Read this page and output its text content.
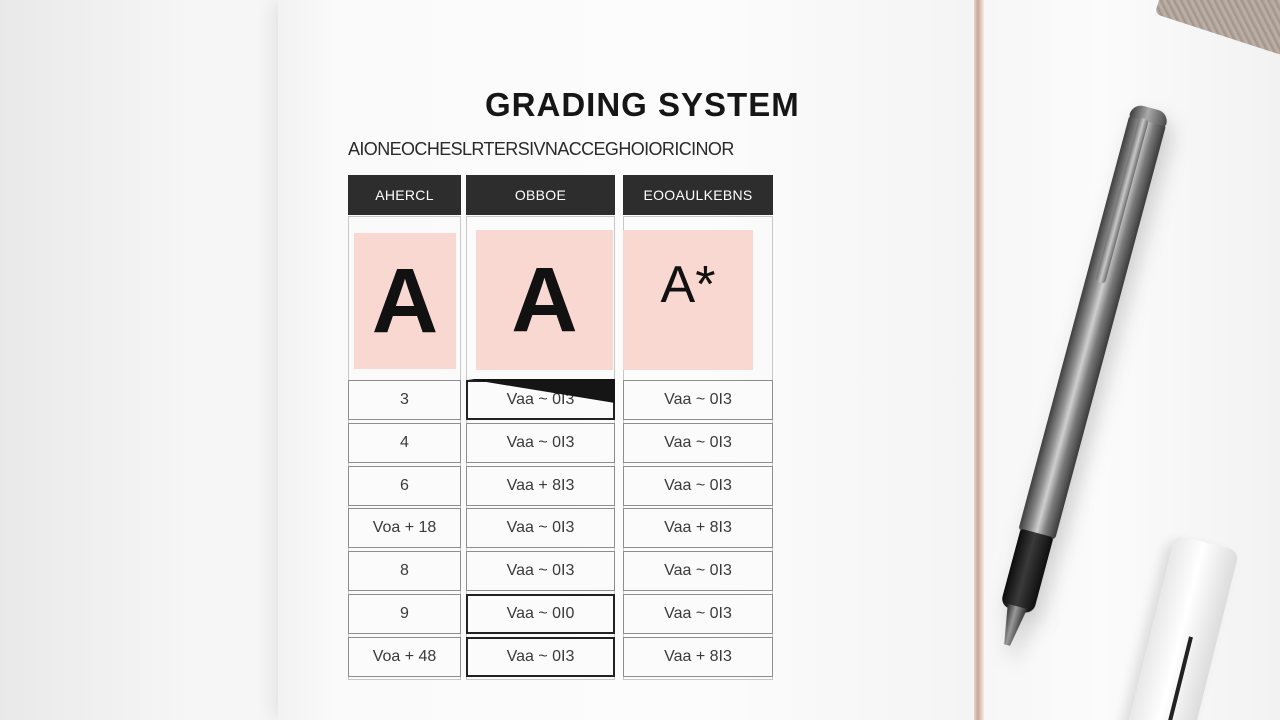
GRADING SYSTEM
AIONEOCHESLRTERSIVNACCEGHOIORICINOR
AHERCL
A
OBBOE
A
EOOAULKEBNS
A*
3
4
6
Voa + 18
8
9
Voa + 48
Vaa ~ 0I3
Vaa ~ 0I3
Vaa + 8I3
Vaa ~ 0I3
Vaa ~ 0I3
Vaa ~ 0I0
Vaa ~ 0I3
Vaa ~ 0I3
Vaa ~ 0I3
Vaa ~ 0I3
Vaa + 8I3
Vaa ~ 0I3
Vaa ~ 0I3
Vaa + 8I3
